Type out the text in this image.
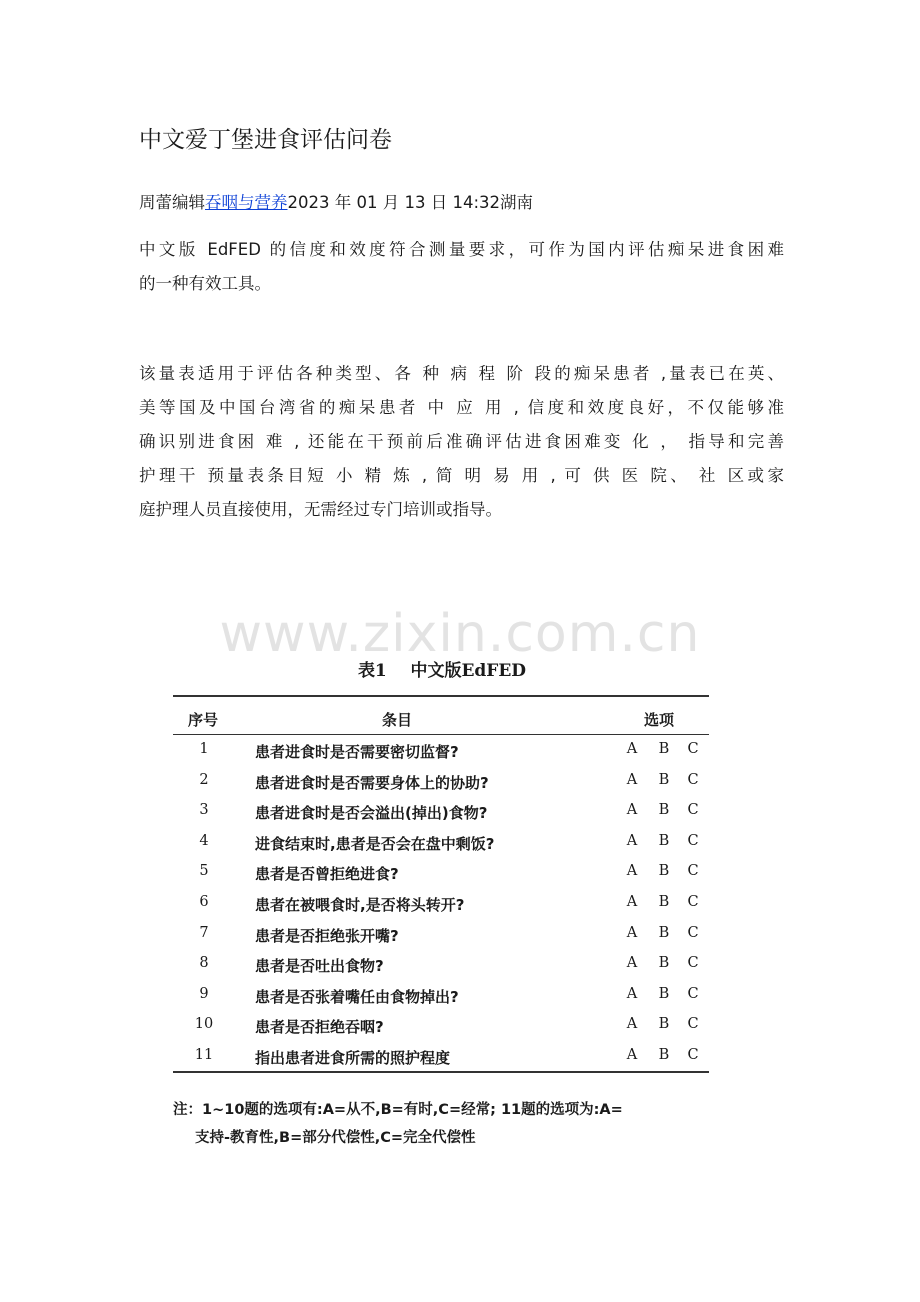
中文爱丁堡进食评估问卷
周蕾编辑吞咽与营养2023 年 01 月 13 日 14:32湖南
中文版 EdFED 的信度和效度符合测量要求，可作为国内评估痴呆进食困难
的一种有效工具。
该量表适用于评估各种类型、各 种 病 程 阶 段的痴呆患者 ,量表已在英、
美等国及中国台湾省的痴呆患者 中 应 用 , 信度和效度良好，不仅能够准
确识别进食困 难 , 还能在干预前后准确评估进食困难变 化 ， 指导和完善
护理干 预量表条目短 小 精 炼 , 简 明 易 用 , 可 供 医 院、 社 区或家
庭护理人员直接使用，无需经过专门培训或指导。
www.zixin.com.cn
表1    中文版EdFED
序号	条目	选项
1	患者进食时是否需要密切监督?	A B C
2	患者进食时是否需要身体上的协助?	A B C
3	患者进食时是否会溢出(掉出)食物?	A B C
4	进食结束时,患者是否会在盘中剩饭?	A B C
5	患者是否曾拒绝进食?	A B C
6	患者在被喂食时,是否将头转开?	A B C
7	患者是否拒绝张开嘴?	A B C
8	患者是否吐出食物?	A B C
9	患者是否张着嘴任由食物掉出?	A B C
10	患者是否拒绝吞咽?	A B C
11	指出患者进食所需的照护程度	A B C
注：1~10题的选项有:A=从不,B=有时,C=经常; 11题的选项为:A=
支持-教育性,B=部分代偿性,C=完全代偿性
